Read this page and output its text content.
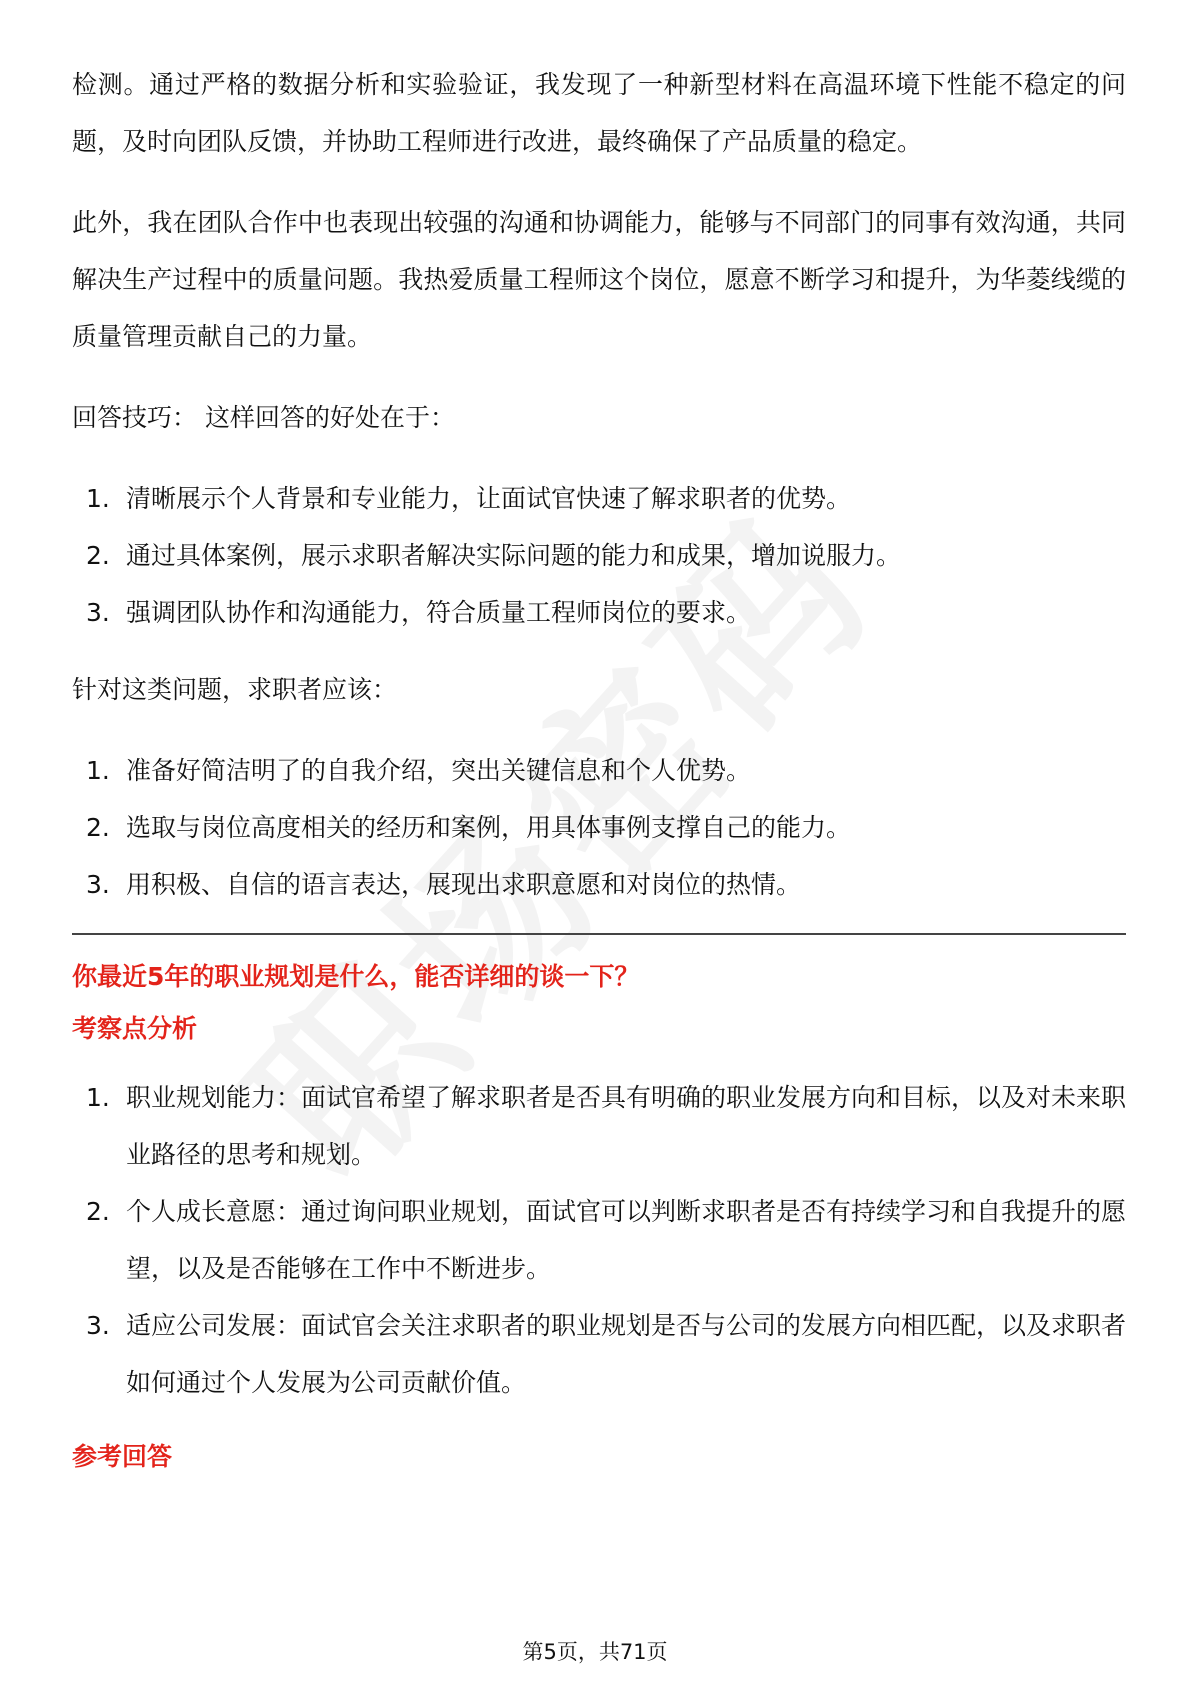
检测。通过严格的数据分析和实验验证，我发现了一种新型材料在高温环境下性能不稳定的问题，及时向团队反馈，并协助工程师进行改进，最终确保了产品质量的稳定。

此外，我在团队合作中也表现出较强的沟通和协调能力，能够与不同部门的同事有效沟通，共同解决生产过程中的质量问题。我热爱质量工程师这个岗位，愿意不断学习和提升，为华菱线缆的质量管理贡献自己的力量。

回答技巧： 这样回答的好处在于：

1. 清晰展示个人背景和专业能力，让面试官快速了解求职者的优势。
2. 通过具体案例，展示求职者解决实际问题的能力和成果，增加说服力。
3. 强调团队协作和沟通能力，符合质量工程师岗位的要求。

针对这类问题，求职者应该：

1. 准备好简洁明了的自我介绍，突出关键信息和个人优势。
2. 选取与岗位高度相关的经历和案例，用具体事例支撑自己的能力。
3. 用积极、自信的语言表达，展现出求职意愿和对岗位的热情。

你最近5年的职业规划是什么，能否详细的谈一下？

考察点分析

1. 职业规划能力：面试官希望了解求职者是否具有明确的职业发展方向和目标，以及对未来职业路径的思考和规划。
2. 个人成长意愿：通过询问职业规划，面试官可以判断求职者是否有持续学习和自我提升的愿望，以及是否能够在工作中不断进步。
3. 适应公司发展：面试官会关注求职者的职业规划是否与公司的发展方向相匹配，以及求职者如何通过个人发展为公司贡献价值。

参考回答

第5页，共71页
